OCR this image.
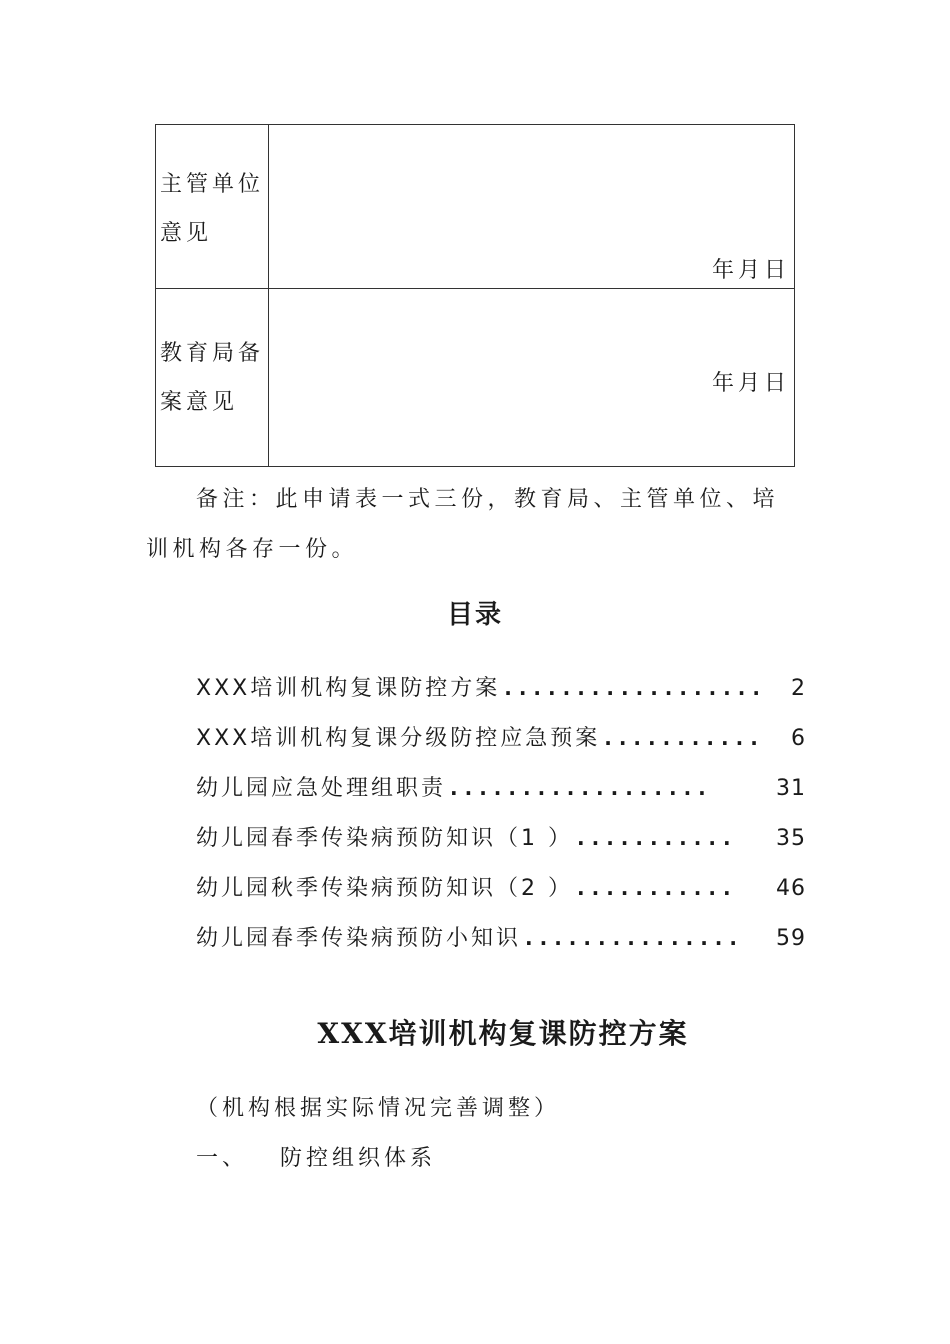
主管单位
意见	年月日

教育局备
案意见	年月日
备注：此申请表一式三份，教育局、主管单位、培训机构各存一份。
目录
XXX培训机构复课防控方案 ..................	2
XXX培训机构复课分级防控应急预案 ...........	6
幼儿园应急处理组职责 ..................	31
幼儿园春季传染病预防知识（1 ） ...........	35
幼儿园秋季传染病预防知识（2 ） ...........	46
幼儿园春季传染病预防小知识 ...............	59
XXX培训机构复课防控方案
（机构根据实际情况完善调整）
一、 防控组织体系
